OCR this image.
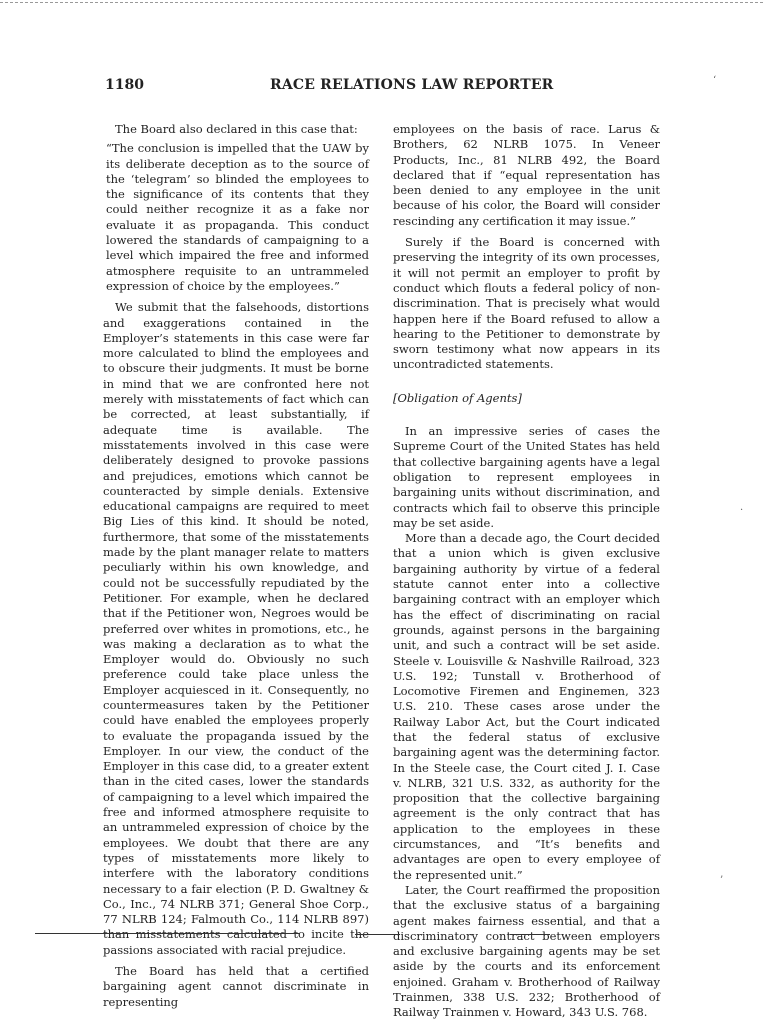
1180	RACE RELATIONS LAW REPORTER

The Board also declared in this case that:

“The conclusion is impelled that the UAW by its deliberate deception as to the source of the ‘telegram’ so blinded the employees to the significance of its contents that they could neither recognize it as a fake nor evaluate it as propaganda. This conduct lowered the standards of campaigning to a level which impaired the free and informed atmosphere requisite to an untrammeled expression of choice by the employees.”

We submit that the falsehoods, distortions and exaggerations contained in the Employer’s statements in this case were far more calculated to blind the employees and to obscure their judgments. It must be borne in mind that we are confronted here not merely with misstatements of fact which can be corrected, at least substantially, if adequate time is available. The misstatements involved in this case were deliberately designed to provoke passions and prejudices, emotions which cannot be counteracted by simple denials. Extensive educational campaigns are required to meet Big Lies of this kind. It should be noted, furthermore, that some of the misstatements made by the plant manager relate to matters peculiarly within his own knowledge, and could not be successfully repudiated by the Petitioner. For example, when he declared that if the Petitioner won, Negroes would be preferred over whites in promotions, etc., he was making a declaration as to what the Employer would do. Obviously no such preference could take place unless the Employer acquiesced in it. Consequently, no countermeasures taken by the Petitioner could have enabled the employees properly to evaluate the propaganda issued by the Employer. In our view, the conduct of the Employer in this case did, to a greater extent than in the cited cases, lower the standards of campaigning to a level which impaired the free and informed atmosphere requisite to an untrammeled expression of choice by the employees. We doubt that there are any types of misstatements more likely to interfere with the laboratory conditions necessary to a fair election (P. D. Gwaltney & Co., Inc., 74 NLRB 371; General Shoe Corp., 77 NLRB 124; Falmouth Co., 114 NLRB 897) than misstatements calculated to incite the passions associated with racial prejudice.

The Board has held that a certified bargaining agent cannot discriminate in representing

employees on the basis of race. Larus & Brothers, 62 NLRB 1075. In Veneer Products, Inc., 81 NLRB 492, the Board declared that if “equal representation has been denied to any employee in the unit because of his color, the Board will consider rescinding any certification it may issue.”

Surely if the Board is concerned with preserving the integrity of its own processes, it will not permit an employer to profit by conduct which flouts a federal policy of non-discrimination. That is precisely what would happen here if the Board refused to allow a hearing to the Petitioner to demonstrate by sworn testimony what now appears in its uncontradicted statements.

[Obligation of Agents]

In an impressive series of cases the Supreme Court of the United States has held that collective bargaining agents have a legal obligation to represent employees in bargaining units without discrimination, and contracts which fail to observe this principle may be set aside.

More than a decade ago, the Court decided that a union which is given exclusive bargaining authority by virtue of a federal statute cannot enter into a collective bargaining contract with an employer which has the effect of discriminating on racial grounds, against persons in the bargaining unit, and such a contract will be set aside. Steele v. Louisville & Nashville Railroad, 323 U.S. 192; Tunstall v. Brotherhood of Locomotive Firemen and Enginemen, 323 U.S. 210. These cases arose under the Railway Labor Act, but the Court indicated that the federal status of exclusive bargaining agent was the determining factor. In the Steele case, the Court cited J. I. Case v. NLRB, 321 U.S. 332, as authority for the proposition that the collective bargaining agreement is the only contract that has application to the employees in these circumstances, and “It’s benefits and advantages are open to every employee of the represented unit.”

Later, the Court reaffirmed the proposition that the exclusive status of a bargaining agent makes fairness essential, and that a discriminatory contract between employers and exclusive bargaining agents may be set aside by the courts and its enforcement enjoined. Graham v. Brotherhood of Railway Trainmen, 338 U.S. 232; Brotherhood of Railway Trainmen v. Howard, 343 U.S. 768.

‘
·
’
